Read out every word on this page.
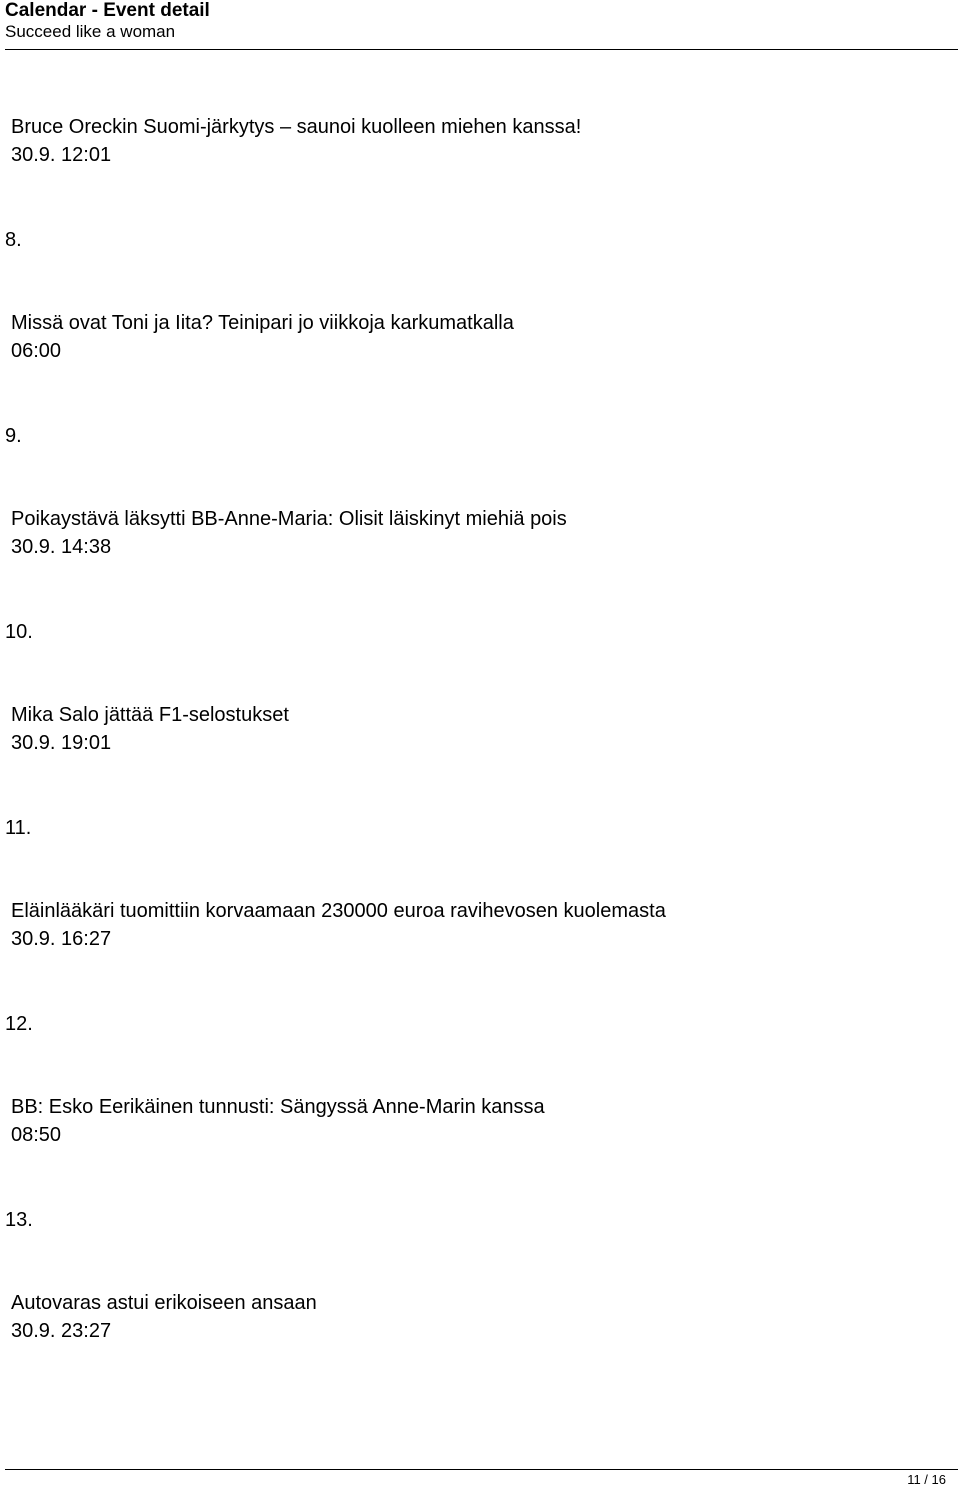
Calendar - Event detail
Succeed like a woman
Bruce Oreckin Suomi-järkytys – saunoi kuolleen miehen kanssa!
30.9. 12:01
8.
Missä ovat Toni ja Iita? Teinipari jo viikkoja karkumatkalla
06:00
9.
Poikaystävä läksytti BB-Anne-Maria: Olisit läiskinyt miehiä pois
30.9. 14:38
10.
Mika Salo jättää F1-selostukset
30.9. 19:01
11.
Eläinlääkäri tuomittiin korvaamaan 230000 euroa ravihevosen kuolemasta
30.9. 16:27
12.
BB: Esko Eerikäinen tunnusti: Sängyssä Anne-Marin kanssa
08:50
13.
Autovaras astui erikoiseen ansaan
30.9. 23:27
11 / 16
